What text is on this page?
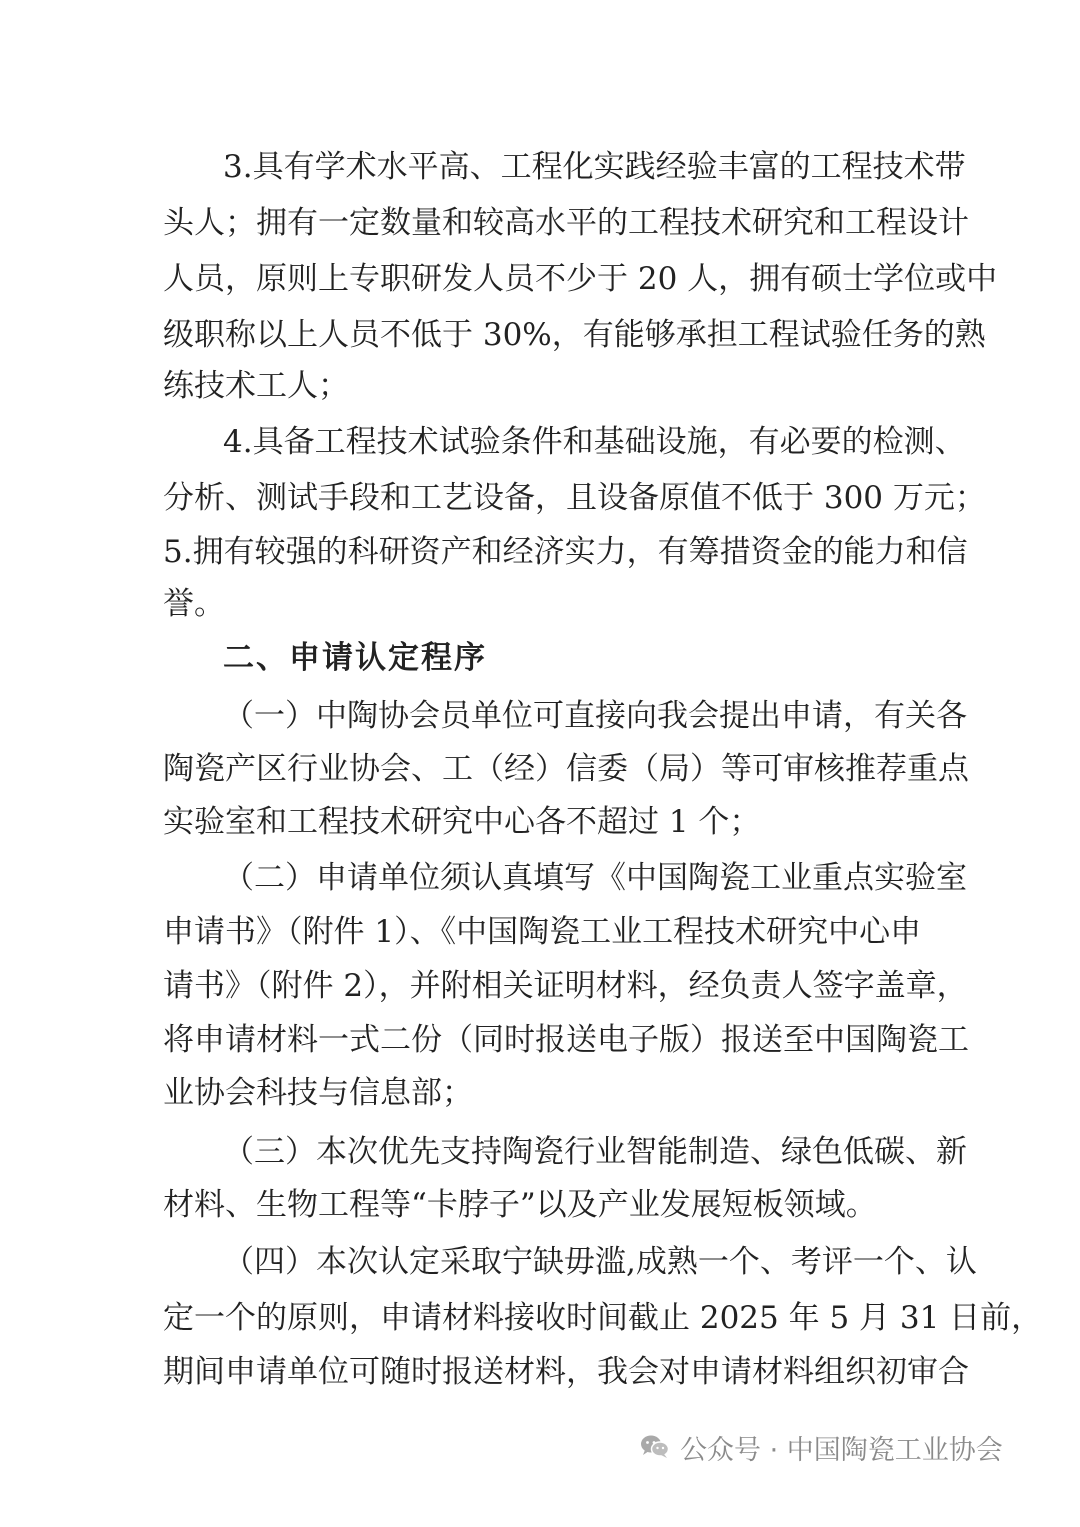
3.具有学术水平高、工程化实践经验丰富的工程技术带
头人；拥有一定数量和较高水平的工程技术研究和工程设计
人员，原则上专职研发人员不少于 20 人，拥有硕士学位或中
级职称以上人员不低于 30%，有能够承担工程试验任务的熟
练技术工人；
4.具备工程技术试验条件和基础设施，有必要的检测、
分析、测试手段和工艺设备，且设备原值不低于 300 万元；
5.拥有较强的科研资产和经济实力，有筹措资金的能力和信
誉。
二、申请认定程序
（一）中陶协会员单位可直接向我会提出申请，有关各
陶瓷产区行业协会、工（经）信委（局）等可审核推荐重点
实验室和工程技术研究中心各不超过 1 个；
（二）申请单位须认真填写《中国陶瓷工业重点实验室
申请书》（附件 1）、《中国陶瓷工业工程技术研究中心申
请书》（附件 2），并附相关证明材料，经负责人签字盖章，
将申请材料一式二份（同时报送电子版）报送至中国陶瓷工
业协会科技与信息部；
（三）本次优先支持陶瓷行业智能制造、绿色低碳、新
材料、生物工程等“卡脖子”以及产业发展短板领域。
（四）本次认定采取宁缺毋滥,成熟一个、考评一个、认
定一个的原则，申请材料接收时间截止 2025 年 5 月 31 日前，
期间申请单位可随时报送材料，我会对申请材料组织初审合
公众号 · 中国陶瓷工业协会
